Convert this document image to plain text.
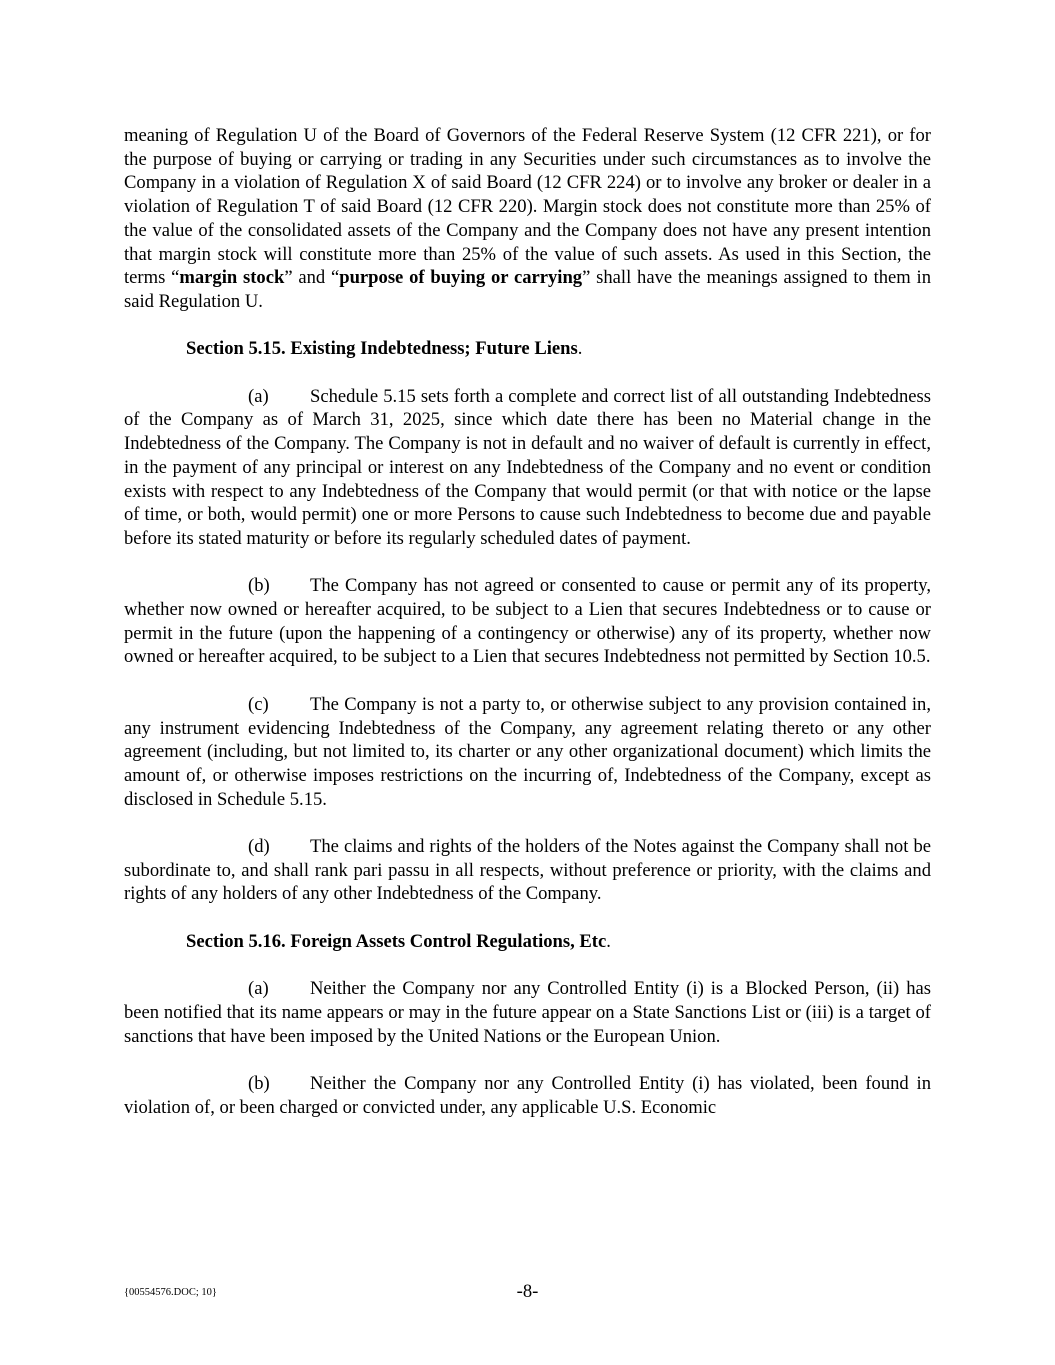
meaning of Regulation U of the Board of Governors of the Federal Reserve System (12 CFR 221), or for the purpose of buying or carrying or trading in any Securities under such circumstances as to involve the Company in a violation of Regulation X of said Board (12 CFR 224) or to involve any broker or dealer in a violation of Regulation T of said Board (12 CFR 220). Margin stock does not constitute more than 25% of the value of the consolidated assets of the Company and the Company does not have any present intention that margin stock will constitute more than 25% of the value of such assets. As used in this Section, the terms “margin stock” and “purpose of buying or carrying” shall have the meanings assigned to them in said Regulation U.

Section 5.15. Existing Indebtedness; Future Liens.

(a) Schedule 5.15 sets forth a complete and correct list of all outstanding Indebtedness of the Company as of March 31, 2025, since which date there has been no Material change in the Indebtedness of the Company. The Company is not in default and no waiver of default is currently in effect, in the payment of any principal or interest on any Indebtedness of the Company and no event or condition exists with respect to any Indebtedness of the Company that would permit (or that with notice or the lapse of time, or both, would permit) one or more Persons to cause such Indebtedness to become due and payable before its stated maturity or before its regularly scheduled dates of payment.

(b) The Company has not agreed or consented to cause or permit any of its property, whether now owned or hereafter acquired, to be subject to a Lien that secures Indebtedness or to cause or permit in the future (upon the happening of a contingency or otherwise) any of its property, whether now owned or hereafter acquired, to be subject to a Lien that secures Indebtedness not permitted by Section 10.5.

(c) The Company is not a party to, or otherwise subject to any provision contained in, any instrument evidencing Indebtedness of the Company, any agreement relating thereto or any other agreement (including, but not limited to, its charter or any other organizational document) which limits the amount of, or otherwise imposes restrictions on the incurring of, Indebtedness of the Company, except as disclosed in Schedule 5.15.

(d) The claims and rights of the holders of the Notes against the Company shall not be subordinate to, and shall rank pari passu in all respects, without preference or priority, with the claims and rights of any holders of any other Indebtedness of the Company.

Section 5.16. Foreign Assets Control Regulations, Etc.

(a) Neither the Company nor any Controlled Entity (i) is a Blocked Person, (ii) has been notified that its name appears or may in the future appear on a State Sanctions List or (iii) is a target of sanctions that have been imposed by the United Nations or the European Union.

(b) Neither the Company nor any Controlled Entity (i) has violated, been found in violation of, or been charged or convicted under, any applicable U.S. Economic

{00554576.DOC; 10}	-8-
